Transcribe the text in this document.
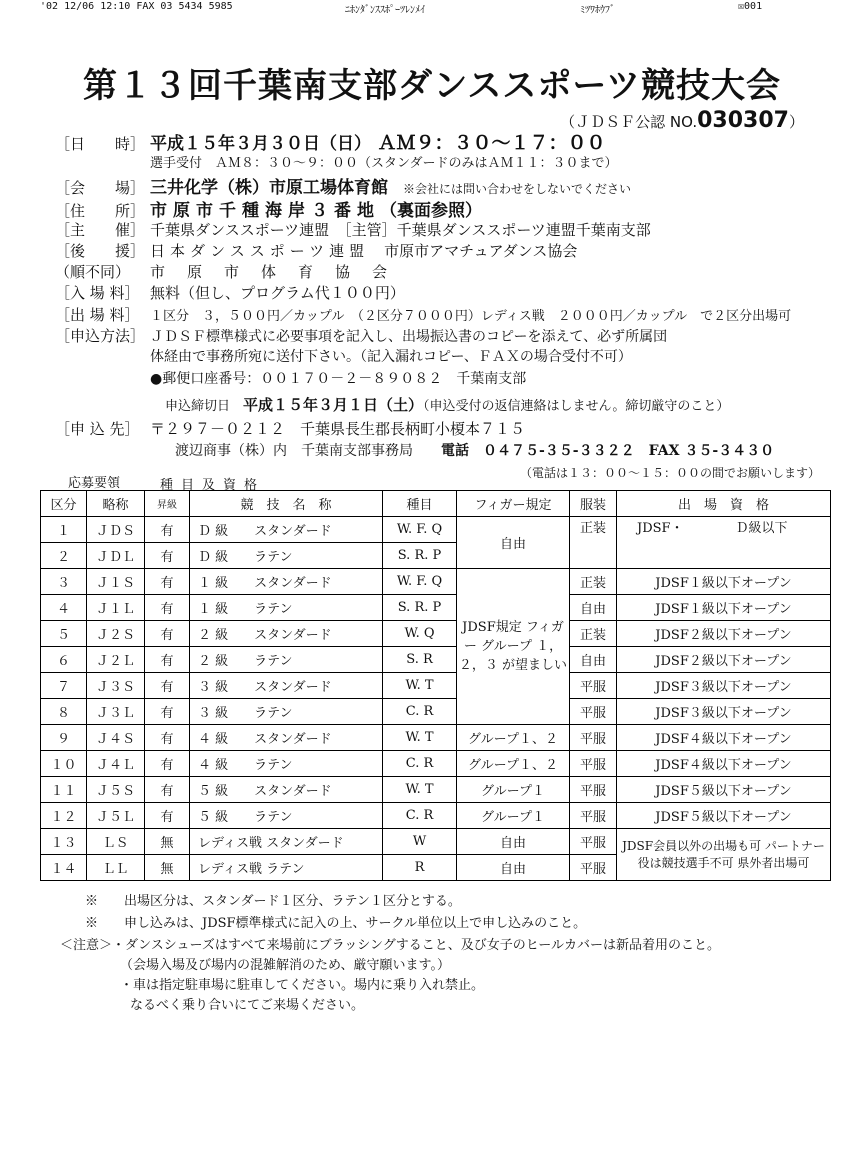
'02 12/06 12:10 FAX 03 5434 5985	ﾆﾎﾝﾀﾞﾝｽｽﾎﾟｰﾂﾚﾝﾒｲ	ﾐﾂﾜﾎｳﾌﾞ	☒001
第１３回千葉南支部ダンススポーツ競技大会
（ＪＤＳＦ公認 NO.030307）
［日　　時］ 平成１５年３月３０日（日）　 ＡＭ９：３０～１７：００
選手受付　ＡＭ８：３０～９：００（スタンダードのみはＡＭ１１：３０まで）
［会　　場］ 三井化学（株）市原工場体育館　 ※会社には問い合わせをしないでください
［住　　所］ 市原市千種海岸３番地（裏面参照）
［主　　催］ 千葉県ダンススポーツ連盟　 ［主管］千葉県ダンススポーツ連盟千葉南支部
［後　　援］ 日本ダンススポーツ連盟　 市原市アマチュアダンス協会
（順不同） 市原市体育協会
［入 場 料］ 無料（但し、プログラム代１００円）
［出 場 料］ １区分　３，５００円／カップル　（２区分７０００円）レディス戦　２０００円／カップル　で２区分出場可
［申込方法］ ＪＤＳＦ標準様式に必要事項を記入し、出場振込書のコピーを添えて、必ず所属団
体経由で事務所宛に送付下さい。（記入漏れコピー、ＦＡＸの場合受付不可）
●郵便口座番号：００１７０－２－８９０８２　千葉南支部
申込締切日　 平成１５年３月１日（土）（申込受付の返信連絡はしません。締切厳守のこと）
［申 込 先］ 〒２９７－０２１２　 千葉県長生郡長柄町小榎本７１５
渡辺商事（株）内　千葉南支部事務局　　 電話　０４７５-３５-３３２２　FAX ３５-３４３０
（電話は１３：００～１５：００の間でお願いします）
応募要領	種目及資格
区分	略称	昇級	競　技　名　称	種目	フィガー規定	服装	出　場　資　格
１	ＪＤＳ	有	Ｄ 級　　スタンダード	W. F. Q	自由	正装	JDSF・　　　　Ｄ級以下
２	ＪＤＬ	有	Ｄ 級　　ラテン	S. R. P			
３	Ｊ１Ｓ	有	１ 級　　スタンダード	W. F. Q	JDSF規定 フィガー グループ １，２，３ が望ましい	正装	JDSF１級以下オープン
４	Ｊ１Ｌ	有	１ 級　　ラテン	S. R. P		自由	JDSF１級以下オープン
５	Ｊ２Ｓ	有	２ 級　　スタンダード	W. Q		正装	JDSF２級以下オープン
６	Ｊ２Ｌ	有	２ 級　　ラテン	S. R		自由	JDSF２級以下オープン
７	Ｊ３Ｓ	有	３ 級　　スタンダード	W. T		平服	JDSF３級以下オープン
８	Ｊ３Ｌ	有	３ 級　　ラテン	C. R		平服	JDSF３級以下オープン
９	Ｊ４Ｓ	有	４ 級　　スタンダード	W. T	グループ１、２	平服	JDSF４級以下オープン
１０	Ｊ４Ｌ	有	４ 級　　ラテン	C. R	グループ１、２	平服	JDSF４級以下オープン
１１	Ｊ５Ｓ	有	５ 級　　スタンダード	W. T	グループ１	平服	JDSF５級以下オープン
１２	Ｊ５Ｌ	有	５ 級　　ラテン	C. R	グループ１	平服	JDSF５級以下オープン
１３	ＬＳ	無	レディス戦 スタンダード	W	自由	平服	JDSF会員以外の出場も可 パートナー役は競技選手不可 県外者出場可
１４	ＬＬ	無	レディス戦 ラテン	R	自由	平服	
※　　出場区分は、スタンダード１区分、ラテン１区分とする。
※　　申し込みは、JDSF標準様式に記入の上、サークル単位以上で申し込みのこと。
＜注意＞・ダンスシューズはすべて来場前にブラッシングすること、及び女子のヒールカバーは新品着用のこと。
（会場入場及び場内の混雑解消のため、厳守願います。）
・車は指定駐車場に駐車してください。場内に乗り入れ禁止。
なるべく乗り合いにてご来場ください。
